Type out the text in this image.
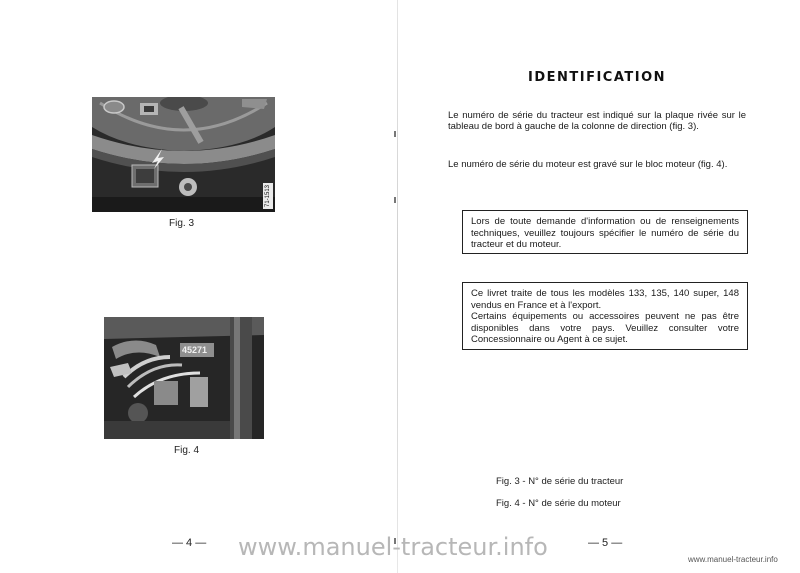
71-1513
Fig. 3
45271
Fig. 4
— 4 —
IDENTIFICATION
Le numéro de série du tracteur est indiqué sur la plaque rivée sur le tableau de bord à gauche de la colonne de direction (fig. 3).
Le numéro de série du moteur est gravé sur le bloc moteur (fig. 4).

Lors de toute demande d'information ou de renseignements techniques, veuillez toujours spécifier le numéro de série du tracteur et du moteur.

Ce livret traite de tous les modèles 133, 135, 140 super, 148 vendus en France et à l'export.

Certains équipements ou accessoires peuvent ne pas être disponibles dans votre pays. Veuillez consulter votre Concessionnaire ou Agent à ce sujet.

Fig. 3 - N° de série du tracteur
Fig. 4 - N° de série du moteur
— 5 —
www.manuel-tracteur.info	www.manuel-tracteur.info
